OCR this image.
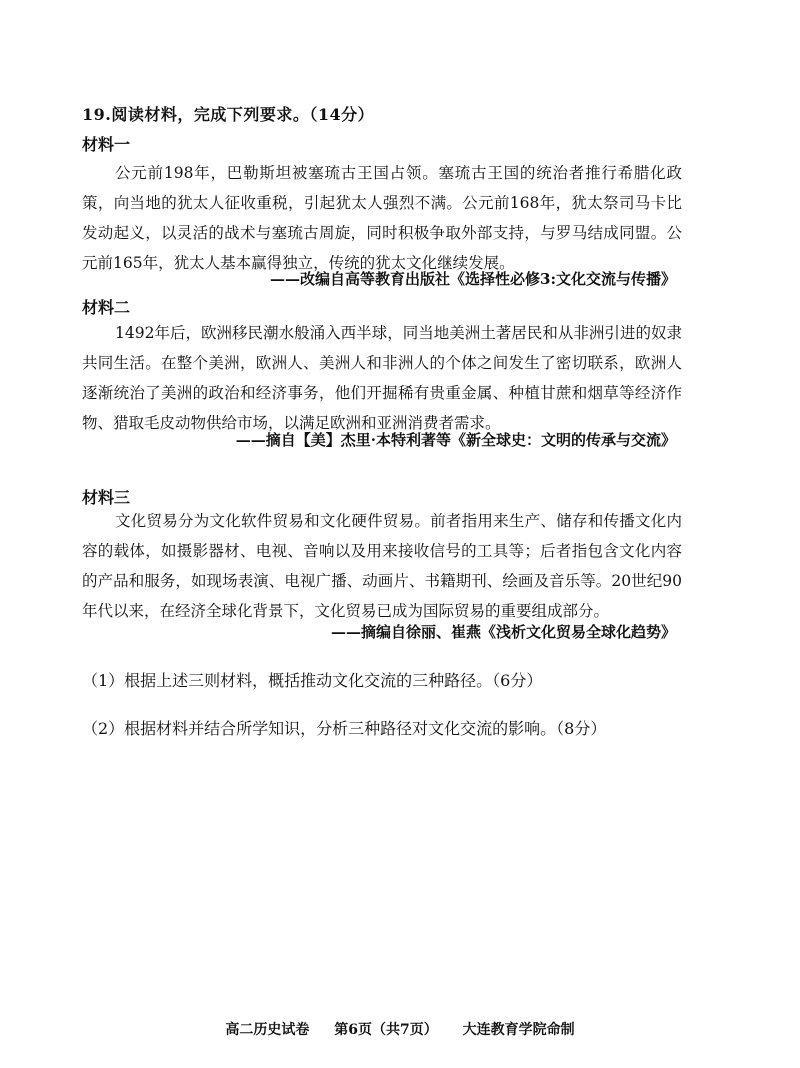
19.阅读材料，完成下列要求。（14分）
材料一

公元前198年，巴勒斯坦被塞琉古王国占领。塞琉古王国的统治者推行希腊化政策，向当地的犹太人征收重税，引起犹太人强烈不满。公元前168年，犹太祭司马卡比发动起义，以灵活的战术与塞琉古周旋，同时积极争取外部支持，与罗马结成同盟。公元前165年，犹太人基本赢得独立，传统的犹太文化继续发展。

——改编自高等教育出版社《选择性必修3:文化交流与传播》
材料二

1492年后，欧洲移民潮水般涌入西半球，同当地美洲土著居民和从非洲引进的奴隶共同生活。在整个美洲，欧洲人、美洲人和非洲人的个体之间发生了密切联系，欧洲人逐渐统治了美洲的政治和经济事务，他们开掘稀有贵重金属、种植甘蔗和烟草等经济作物、猎取毛皮动物供给市场，以满足欧洲和亚洲消费者需求。

——摘自【美】杰里·本特利著等《新全球史：文明的传承与交流》
材料三

文化贸易分为文化软件贸易和文化硬件贸易。前者指用来生产、储存和传播文化内容的载体，如摄影器材、电视、音响以及用来接收信号的工具等；后者指包含文化内容的产品和服务，如现场表演、电视广播、动画片、书籍期刊、绘画及音乐等。20世纪90年代以来，在经济全球化背景下，文化贸易已成为国际贸易的重要组成部分。

——摘编自徐丽、崔燕《浅析文化贸易全球化趋势》
（1）根据上述三则材料，概括推动文化交流的三种路径。（6分）
（2）根据材料并结合所学知识，分析三种路径对文化交流的影响。（8分）
高二历史试卷 第6页（共7页） 大连教育学院命制
